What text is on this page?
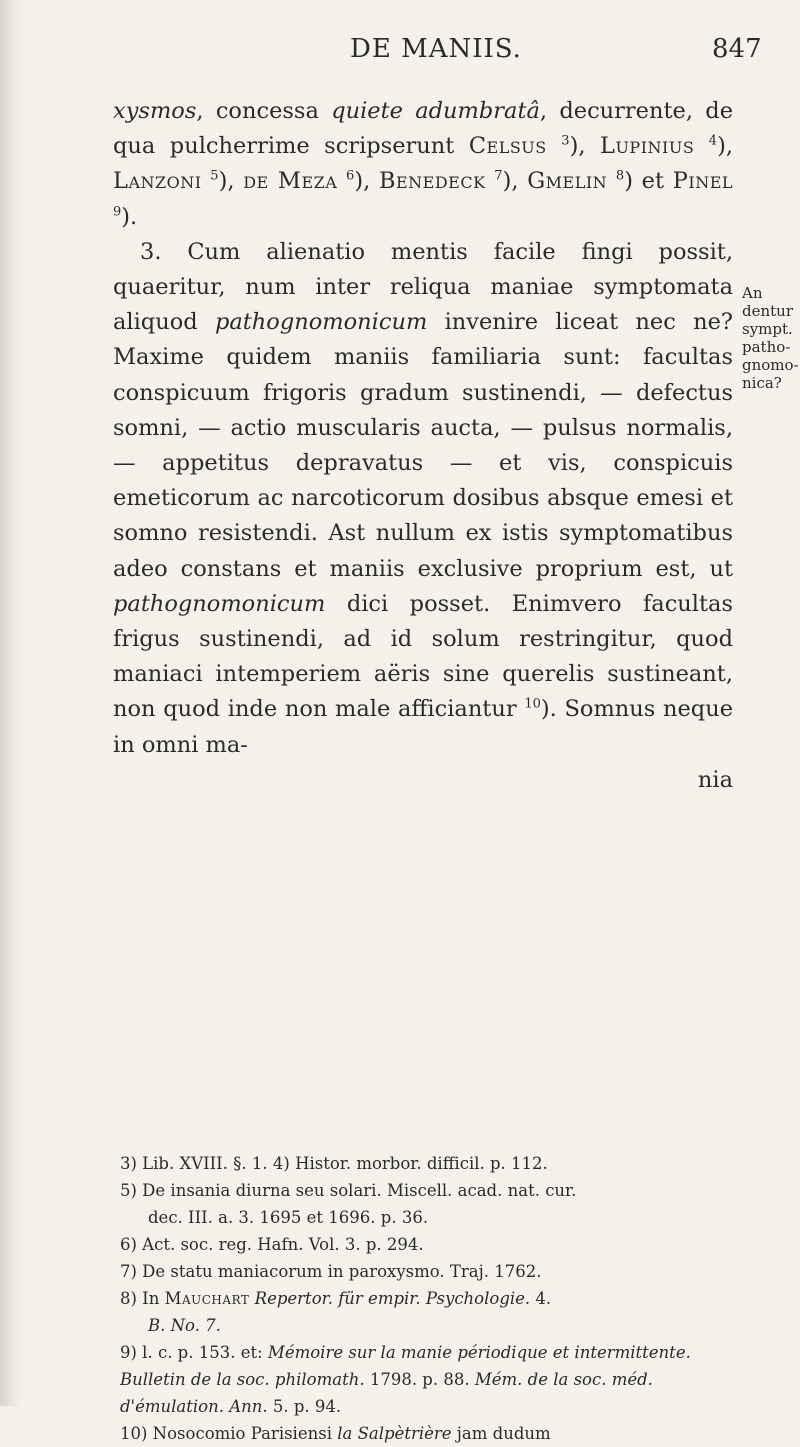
DE MANIIS.	847
An dentur
sympt.
patho-
gnomo-
nica?

xysmos, concessa quiete adumbratâ, decurrente, de qua pulcherrime scripserunt Celsus $^3$), Lupinius $^4$), Lanzoni $^5$), de Meza $^6$), Benedeck $^7$), Gmelin $^8$) et Pinel $^9$).

3. Cum alienatio mentis facile fingi possit, quaeritur, num inter reliqua maniae symptomata aliquod pathognomonicum invenire liceat nec ne? Maxime quidem maniis familiaria sunt: facultas conspicuum frigoris gradum sustinendi, — defectus somni, — actio muscularis aucta, — pulsus normalis, — appetitus depravatus — et vis, conspicuis emeticorum ac narcoticorum dosibus absque emesi et somno resistendi. Ast nullum ex istis symptomatibus adeo constans et maniis exclusive proprium est, ut pathognomonicum dici posset. Enimvero facultas frigus sustinendi, ad id solum restringitur, quod maniaci intemperiem aëris sine querelis sustineant, non quod inde non male afficiantur $^{10}$). Somnus neque in omni ma-

nia

3) Lib. XVIII. §. 1. 4) Histor. morbor. difficil. p. 112.

5) De insania diurna seu solari. Miscell. acad. nat. cur.

dec. III. a. 3. 1695 et 1696. p. 36.

6) Act. soc. reg. Hafn. Vol. 3. p. 294.

7) De statu maniacorum in paroxysmo. Traj. 1762.

8) In Mauchart Repertor. für empir. Psychologie. 4.

B. No. 7.

9) l. c. p. 153. et: Mémoire sur la manie périodique et intermittente. Bulletin de la soc. philomath. 1798. p. 88. Mém. de la soc. méd. d'émulation. Ann. 5. p. 94.

10) Nosocomio Parisiensi la Salpètrière jam dudum
